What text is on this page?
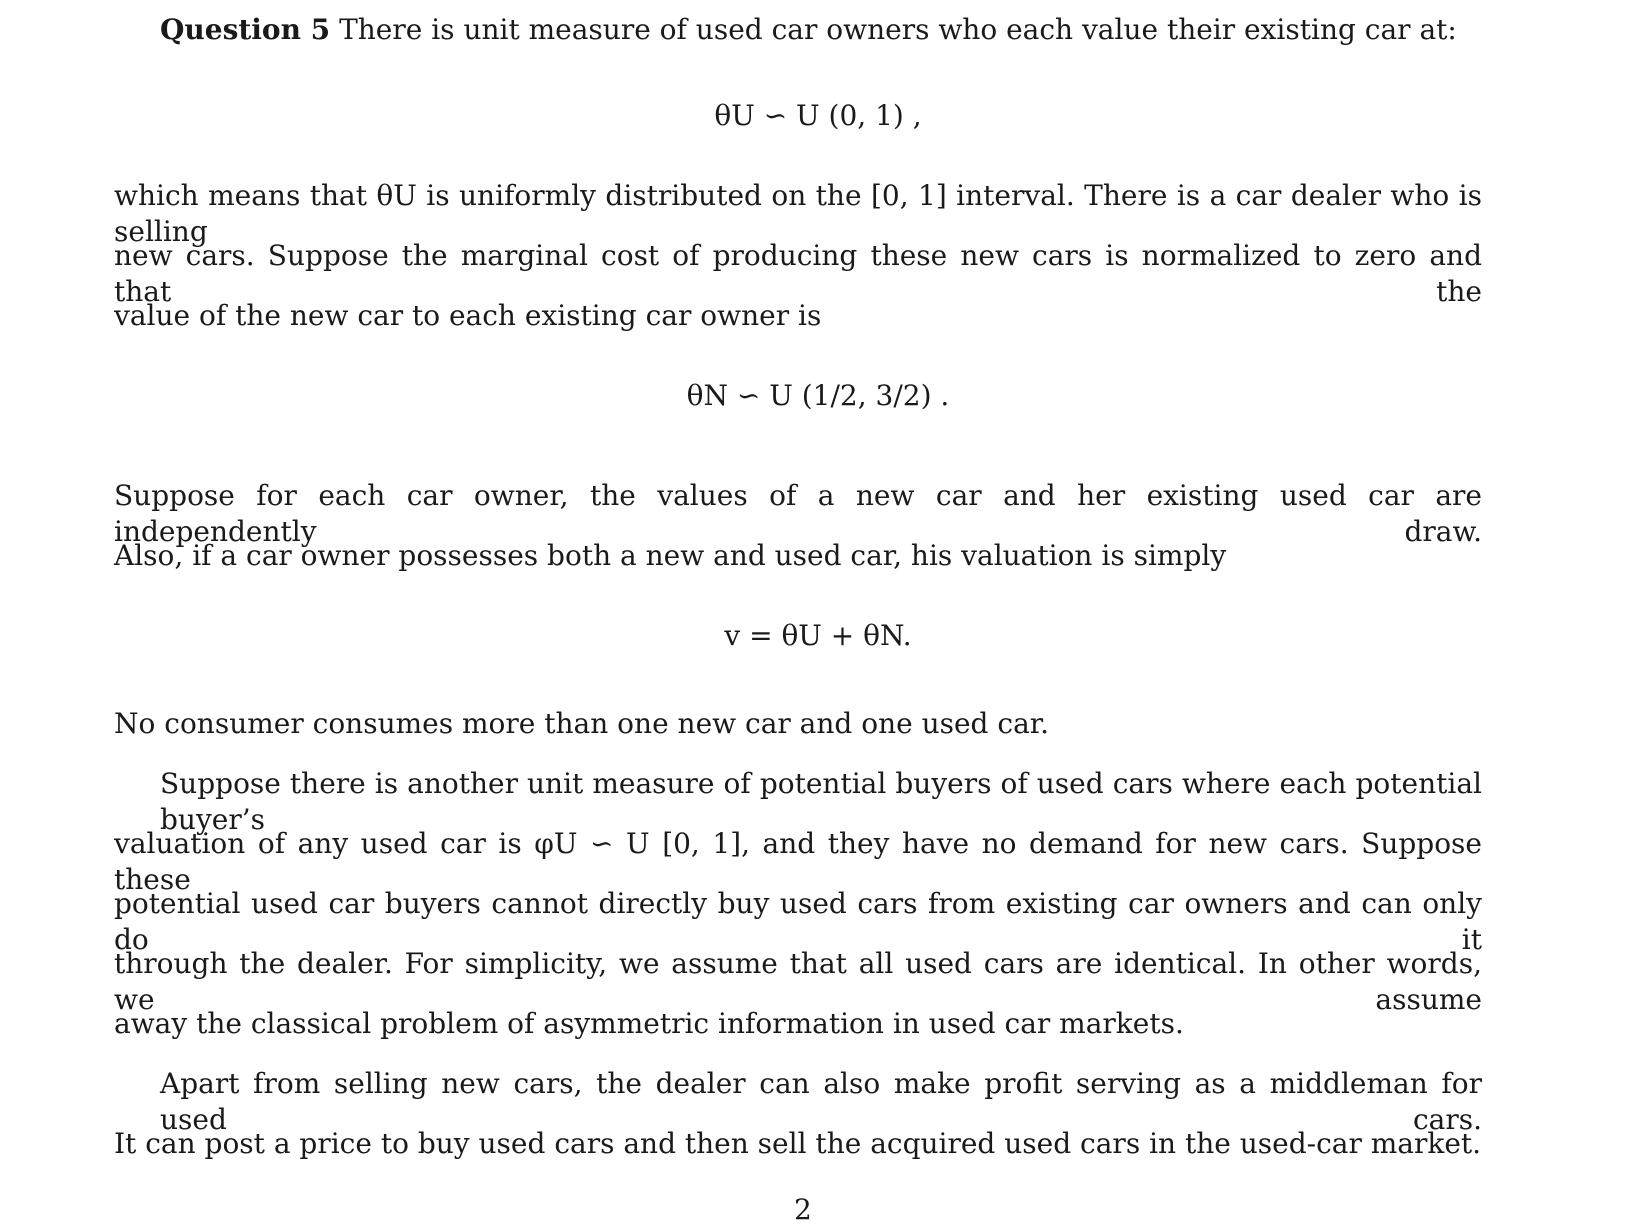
Question 5 There is unit measure of used car owners who each value their existing car at:
θU ∽ U (0, 1) ,
which means that θU is uniformly distributed on the [0, 1] interval. There is a car dealer who is selling
new cars. Suppose the marginal cost of producing these new cars is normalized to zero and that the
value of the new car to each existing car owner is
θN ∽ U (1/2, 3/2) .
Suppose for each car owner, the values of a new car and her existing used car are independently draw.
Also, if a car owner possesses both a new and used car, his valuation is simply
v = θU + θN.
No consumer consumes more than one new car and one used car.
Suppose there is another unit measure of potential buyers of used cars where each potential buyer’s
valuation of any used car is φU ∽ U [0, 1], and they have no demand for new cars. Suppose these
potential used car buyers cannot directly buy used cars from existing car owners and can only do it
through the dealer. For simplicity, we assume that all used cars are identical. In other words, we assume
away the classical problem of asymmetric information in used car markets.
Apart from selling new cars, the dealer can also make profit serving as a middleman for used cars.
It can post a price to buy used cars and then sell the acquired used cars in the used-car market.
2
